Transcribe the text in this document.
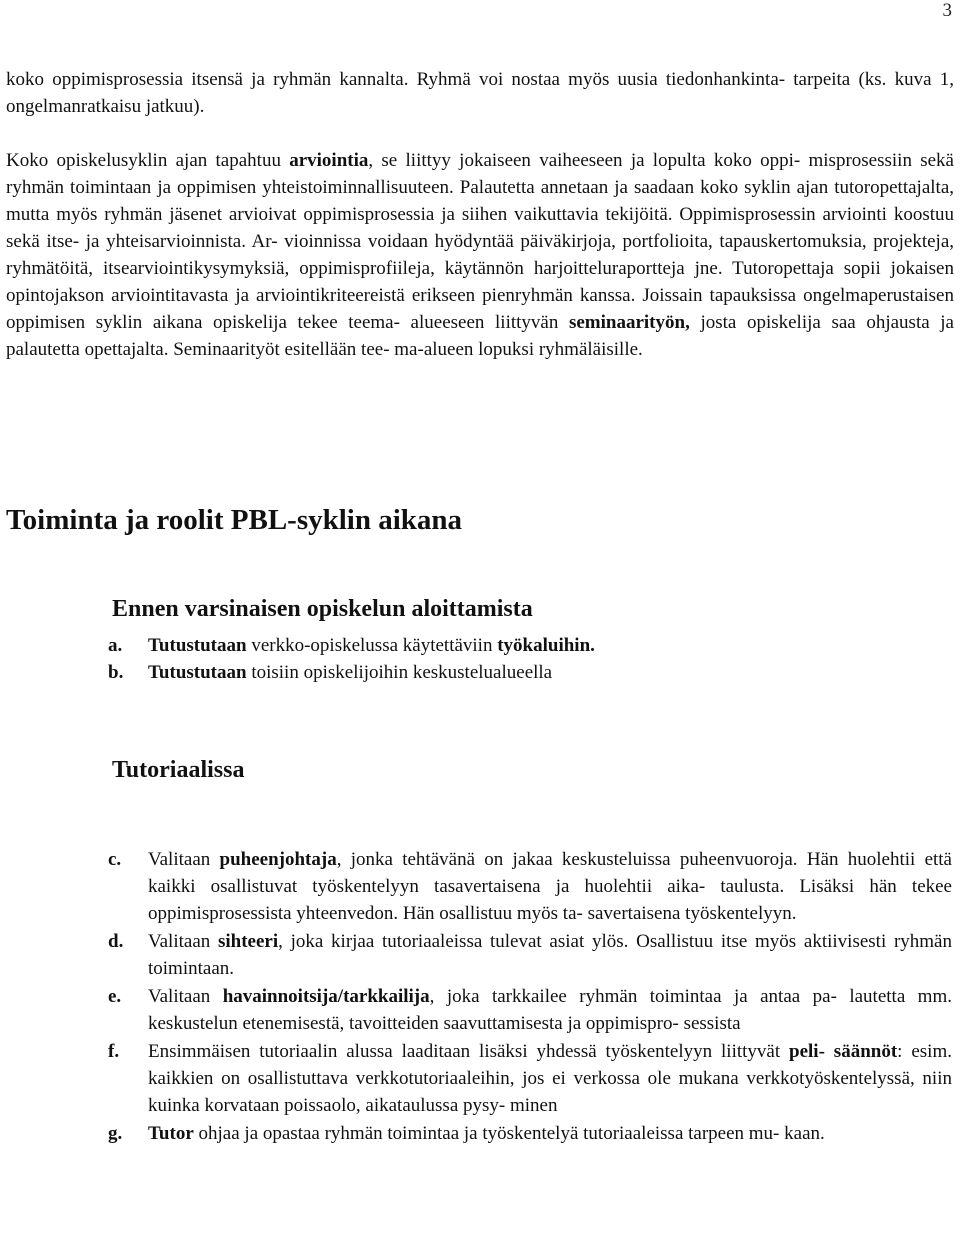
3

koko oppimisprosessia itsensä ja ryhmän kannalta. Ryhmä voi nostaa myös uusia tiedonhankinta- tarpeita (ks. kuva 1, ongelmanratkaisu jatkuu).

Koko opiskelusyklin ajan tapahtuu arviointia, se liittyy jokaiseen vaiheeseen ja lopulta koko oppi- misprosessiin sekä ryhmän toimintaan ja oppimisen yhteistoiminnallisuuteen. Palautetta annetaan ja saadaan koko syklin ajan tutoropettajalta, mutta myös ryhmän jäsenet arvioivat oppimisprosessia ja siihen vaikuttavia tekijöitä. Oppimisprosessin arviointi koostuu sekä itse- ja yhteisarvioinnista. Ar- vioinnissa voidaan hyödyntää päiväkirjoja, portfolioita, tapauskertomuksia, projekteja, ryhmätöitä, itsearviointikysymyksiä, oppimisprofiileja, käytännön harjoitteluraportteja jne. Tutoropettaja sopii jokaisen opintojakson arviointitavasta ja arviointikriteereistä erikseen pienryhmän kanssa. Joissain tapauksissa ongelmaperustaisen oppimisen syklin aikana opiskelija tekee teema- alueeseen liittyvän seminaarityön, josta opiskelija saa ohjausta ja palautetta opettajalta. Seminaarityöt esitellään tee- ma-alueen lopuksi ryhmäläisille.

Toiminta ja roolit PBL-syklin aikana
Ennen varsinaisen opiskelun aloittamista
a. Tutustutaan verkko-opiskelussa käytettäviin työkaluihin.
b. Tutustutaan toisiin opiskelijoihin keskustelualueella
Tutoriaalissa
c. Valitaan puheenjohtaja, jonka tehtävänä on jakaa keskusteluissa puheenvuoroja. Hän huolehtii että kaikki osallistuvat työskentelyyn tasavertaisena ja huolehtii aika- taulusta. Lisäksi hän tekee oppimisprosessista yhteenvedon. Hän osallistuu myös ta- savertaisena työskentelyyn.
d. Valitaan sihteeri, joka kirjaa tutoriaaleissa tulevat asiat ylös. Osallistuu itse myös aktiivisesti ryhmän toimintaan.
e. Valitaan havainnoitsija/tarkkailija, joka tarkkailee ryhmän toimintaa ja antaa pa- lautetta mm. keskustelun etenemisestä, tavoitteiden saavuttamisesta ja oppimispro- sessista
f. Ensimmäisen tutoriaalin alussa laaditaan lisäksi yhdessä työskentelyyn liittyvät peli- säännöt: esim. kaikkien on osallistuttava verkkotutoriaaleihin, jos ei verkossa ole mukana verkkotyöskentelyssä, niin kuinka korvataan poissaolo, aikataulussa pysy- minen
g. Tutor ohjaa ja opastaa ryhmän toimintaa ja työskentelyä tutoriaaleissa tarpeen mu- kaan.
